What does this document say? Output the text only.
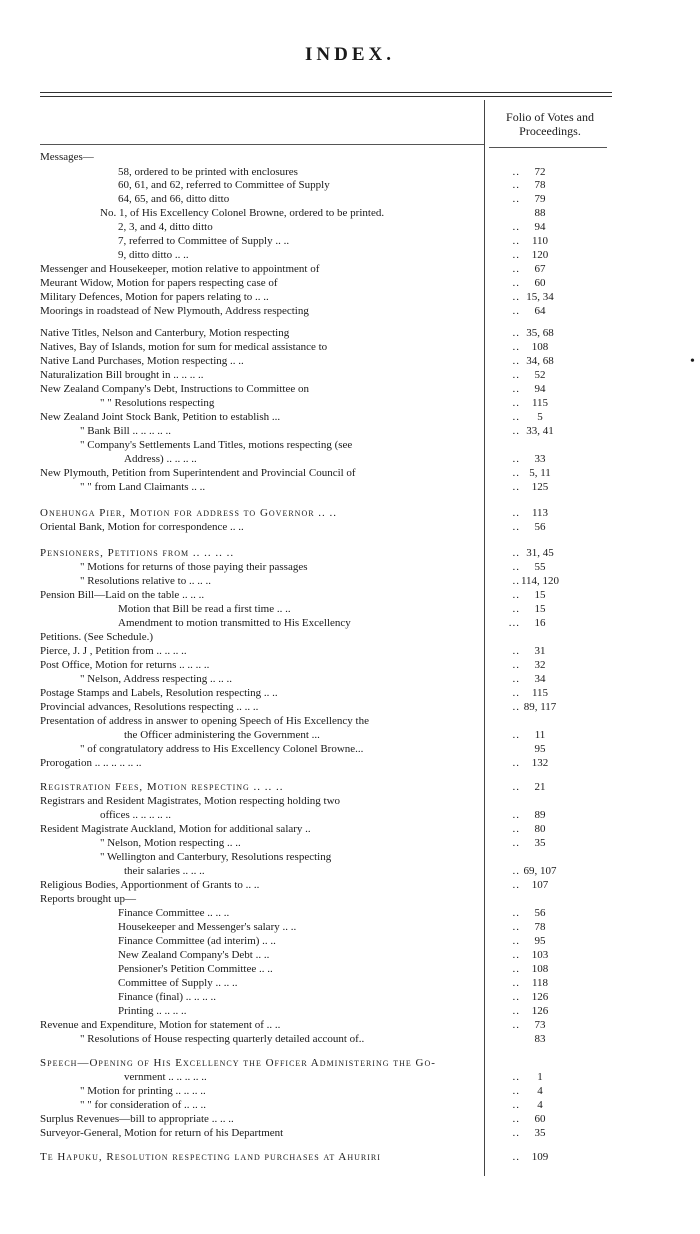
INDEX.
Folio of Votes and
Proceedings.
Messages—
58, ordered to be printed with enclosures	..	72
60, 61, and 62, referred to Committee of Supply	..	78
64, 65, and 66, ditto ditto	..	79
No. 1, of His Excellency Colonel Browne, ordered to be printed.	88
2, 3, and 4, ditto ditto	..	94
7, referred to Committee of Supply .. ..	..	110
9, ditto ditto .. ..	..	120
Messenger and Housekeeper, motion relative to appointment of	..	67
Meurant Widow, Motion for papers respecting case of	..	60
Military Defences, Motion for papers relating to .. ..	.. 15, 34
Moorings in roadstead of New Plymouth, Address respecting	..	64
Native Titles, Nelson and Canterbury, Motion respecting	.. 35, 68
Natives, Bay of Islands, motion for sum for medical assistance to	..	108
Native Land Purchases, Motion respecting .. ..	.. 34, 68
Naturalization Bill brought in .. .. .. ..	..	52
New Zealand Company's Debt, Instructions to Committee on	..	94
" " Resolutions respecting	..	115
New Zealand Joint Stock Bank, Petition to establish ...	..	5
" Bank Bill .. .. .. .. ..	.. 33, 41
" Company's Settlements Land Titles, motions respecting (see
Address) .. .. .. ..	..	33
New Plymouth, Petition from Superintendent and Provincial Council of	.. 5, 11
" " from Land Claimants .. ..	..	125
Onehunga Pier, Motion for address to Governor .. ..	..	113
Oriental Bank, Motion for correspondence .. ..	..	56
Pensioners, Petitions from .. .. .. ..	.. 31, 45
" Motions for returns of those paying their passages	..	55
" Resolutions relative to .. .. ..	.. 114, 120
Pension Bill—Laid on the table .. .. ..	..	15
Motion that Bill be read a first time .. ..	..	15
Amendment to motion transmitted to His Excellency	...	16
Petitions. (See Schedule.)
Pierce, J. J , Petition from .. .. .. ..	..	31
Post Office, Motion for returns .. .. .. ..	..	32
" Nelson, Address respecting .. .. ..	..	34
Postage Stamps and Labels, Resolution respecting .. ..	..	115
Provincial advances, Resolutions respecting .. .. ..	.. 89, 117
Presentation of address in answer to opening Speech of His Excellency the
the Officer administering the Government ...	..	11
" of congratulatory address to His Excellency Colonel Browne...	95
Prorogation .. .. .. .. .. ..	..	132
Registration Fees, Motion respecting .. .. ..	..	21
Registrars and Resident Magistrates, Motion respecting holding two
offices .. .. .. .. ..	..	89
Resident Magistrate Auckland, Motion for additional salary ..	..	80
" Nelson, Motion respecting .. ..	..	35
" Wellington and Canterbury, Resolutions respecting
their salaries .. .. ..	.. 69, 107
Religious Bodies, Apportionment of Grants to .. ..	..	107
Reports brought up—
Finance Committee .. .. ..	..	56
Housekeeper and Messenger's salary .. ..	..	78
Finance Committee (ad interim) .. ..	..	95
New Zealand Company's Debt .. ..	..	103
Pensioner's Petition Committee .. ..	..	108
Committee of Supply .. .. ..	..	118
Finance (final) .. .. .. ..	..	126
Printing .. .. .. ..	..	126
Revenue and Expenditure, Motion for statement of .. ..	..	73
" Resolutions of House respecting quarterly detailed account of..	83
Speech—Opening of His Excellency the Officer Administering the Go-
vernment .. .. .. .. ..	..	1
" Motion for printing .. .. .. ..	..	4
" " for consideration of .. .. ..	..	4
Surplus Revenues—bill to appropriate .. .. ..	..	60
Surveyor-General, Motion for return of his Department	..	35
Te Hapuku, Resolution respecting land purchases at Ahuriri	..	109
•
